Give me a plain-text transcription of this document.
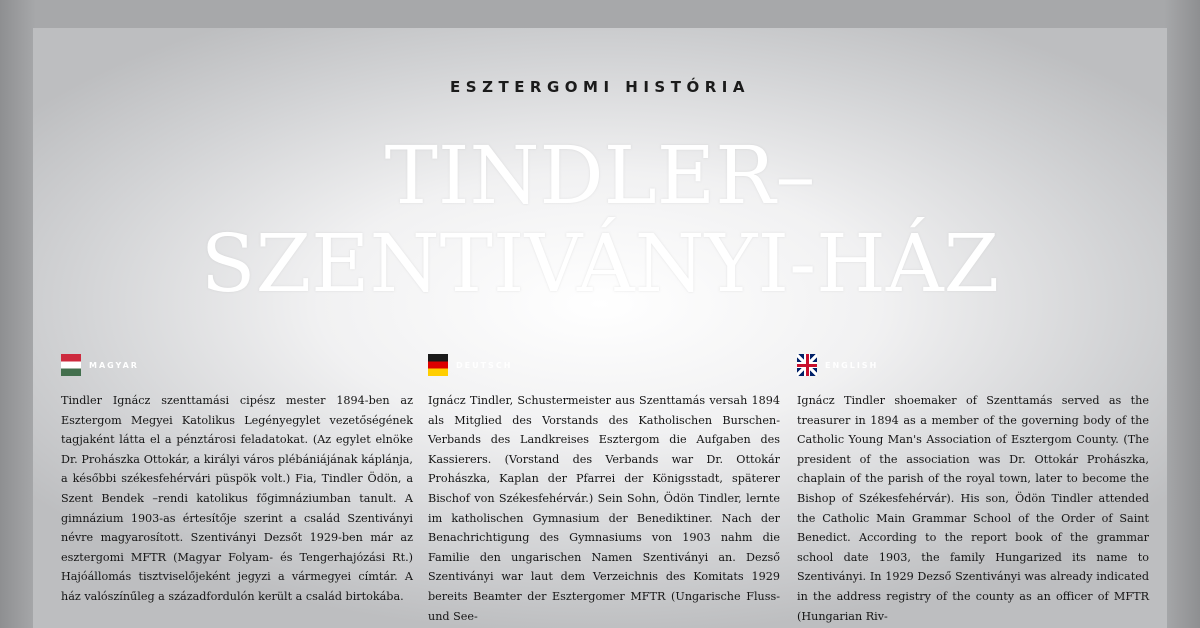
ESZTERGOMI HISTÓRIA
TINDLER–
SZENTIVÁNYI-HÁZ
MAGYAR
Tindler Ignácz szenttamási cipész mester 1894-ben az Esztergom Megyei Katolikus Legényegylet vezetőségének tagjaként látta el a pénztárosi feladatokat. (Az egylet elnöke Dr. Prohászka Ottokár, a királyi város plébániájának káplánja, a későbbi székesfehérvári püspök volt.) Fia, Tindler Ödön, a Szent Bendek –rendi katolikus főgimnáziumban tanult. A gimnázium 1903-as értesítője szerint a család Szentiványi névre magyarosított. Szentiványi Dezsőt 1929-ben már az esztergomi MFTR (Magyar Folyam- és Tengerhajózási Rt.) Hajóállomás tisztviselőjeként jegyzi a vármegyei címtár. A ház valószínűleg a századfordulón került a család birtokába.
DEUTSCH
Ignácz Tindler, Schustermeister aus Szenttamás versah 1894 als Mitglied des Vorstands des Katholischen Burschen-Verbands des Landkreises Esztergom die Aufgaben des Kassierers. (Vorstand des Verbands war Dr. Ottokár Prohászka, Kaplan der Pfarrei der Königsstadt, späterer Bischof von Székesfehérvár.) Sein Sohn, Ödön Tindler, lernte im katholischen Gymnasium der Benediktiner. Nach der Benachrichtigung des Gymnasiums von 1903 nahm die Familie den ungarischen Namen Szentiványi an. Dezső Szentiványi war laut dem Verzeichnis des Komitats 1929 bereits Beamter der Esztergomer MFTR (Ungarische Fluss- und See-
ENGLISH
Ignácz Tindler shoemaker of Szenttamás served as the treasurer in 1894 as a member of the governing body of the Catholic Young Man's Association of Esztergom County. (The president of the association was Dr. Ottokár Prohászka, chaplain of the parish of the royal town, later to become the Bishop of Székesfehérvár). His son, Ödön Tindler attended the Catholic Main Grammar School of the Order of Saint Benedict. According to the report book of the grammar school date 1903, the family Hungarized its name to Szentiványi. In 1929 Dezső Szentiványi was already indicated in the address registry of the county as an officer of MFTR (Hungarian Riv-
